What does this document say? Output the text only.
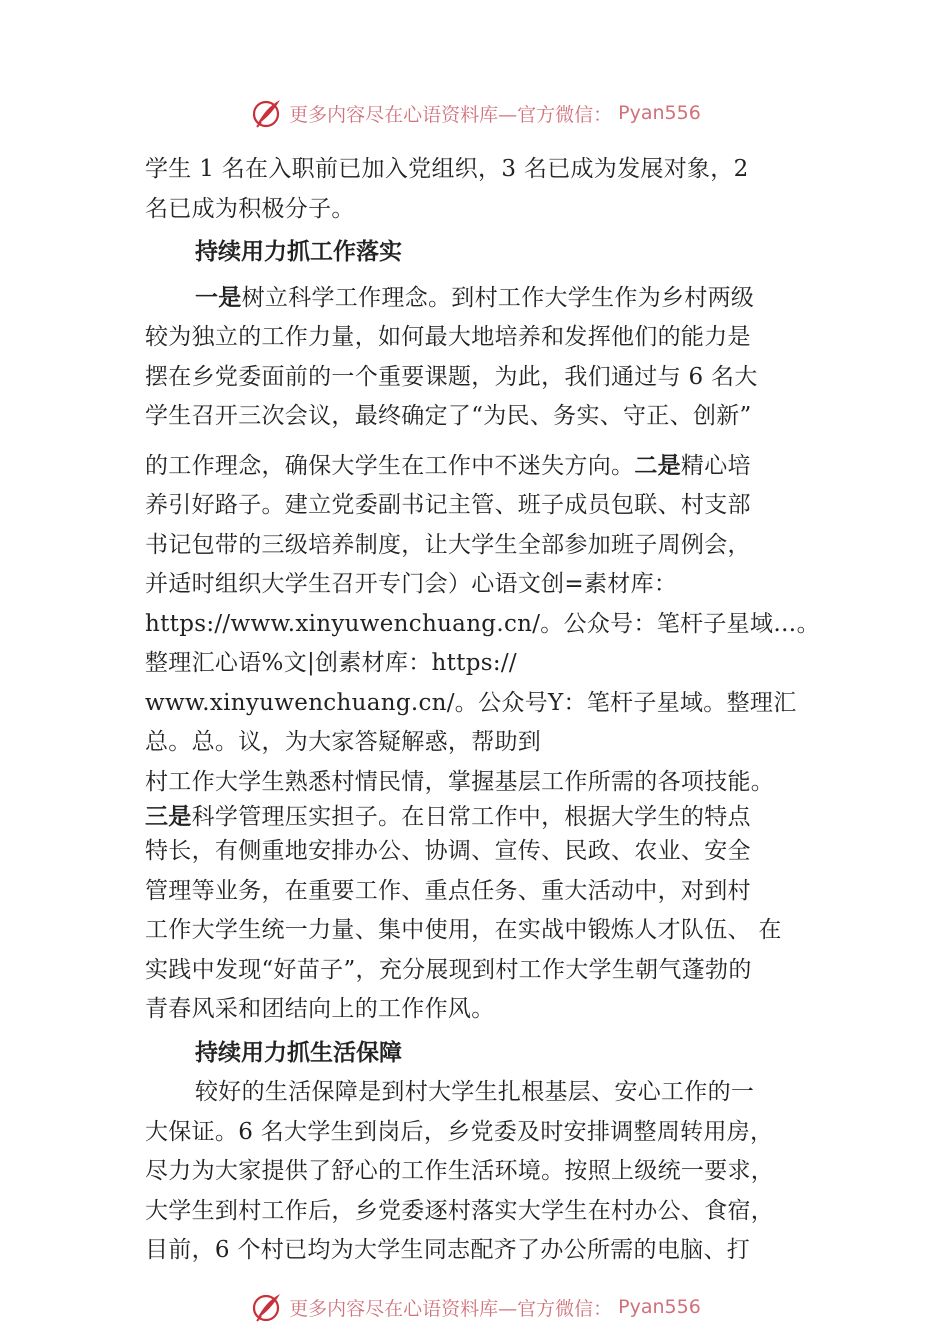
更多内容尽在心语资料库—官方微信： Pyan556
学生 1 名在入职前已加入党组织，3 名已成为发展对象，2
名已成为积极分子。
持续用力抓工作落实
一是树立科学工作理念。到村工作大学生作为乡村两级
较为独立的工作力量，如何最大地培养和发挥他们的能力是
摆在乡党委面前的一个重要课题，为此，我们通过与 6 名大
学生召开三次会议，最终确定了“为民、务实、守正、创新”
的工作理念，确保大学生在工作中不迷失方向。二是精心培
养引好路子。建立党委副书记主管、班子成员包联、村支部
书记包带的三级培养制度，让大学生全部参加班子周例会，
并适时组织大学生召开专门会）心语文创=素材库：
https://www.xinyuwenchuang.cn/。公众号：笔杆子星域…。
整理汇心语%文|创素材库：https://
www.xinyuwenchuang.cn/。公众号Y：笔杆子星域。整理汇
总。总。议，为大家答疑解惑，帮助到
村工作大学生熟悉村情民情，掌握基层工作所需的各项技能。
三是科学管理压实担子。在日常工作中，根据大学生的特点
特长，有侧重地安排办公、协调、宣传、民政、农业、安全
管理等业务，在重要工作、重点任务、重大活动中，对到村
工作大学生统一力量、集中使用，在实战中锻炼人才队伍、 在
实践中发现“好苗子”，充分展现到村工作大学生朝气蓬勃的
青春风采和团结向上的工作作风。
持续用力抓生活保障
较好的生活保障是到村大学生扎根基层、安心工作的一
大保证。6 名大学生到岗后，乡党委及时安排调整周转用房，
尽力为大家提供了舒心的工作生活环境。按照上级统一要求，
大学生到村工作后，乡党委逐村落实大学生在村办公、食宿，
目前，6 个村已均为大学生同志配齐了办公所需的电脑、打
更多内容尽在心语资料库—官方微信： Pyan556
